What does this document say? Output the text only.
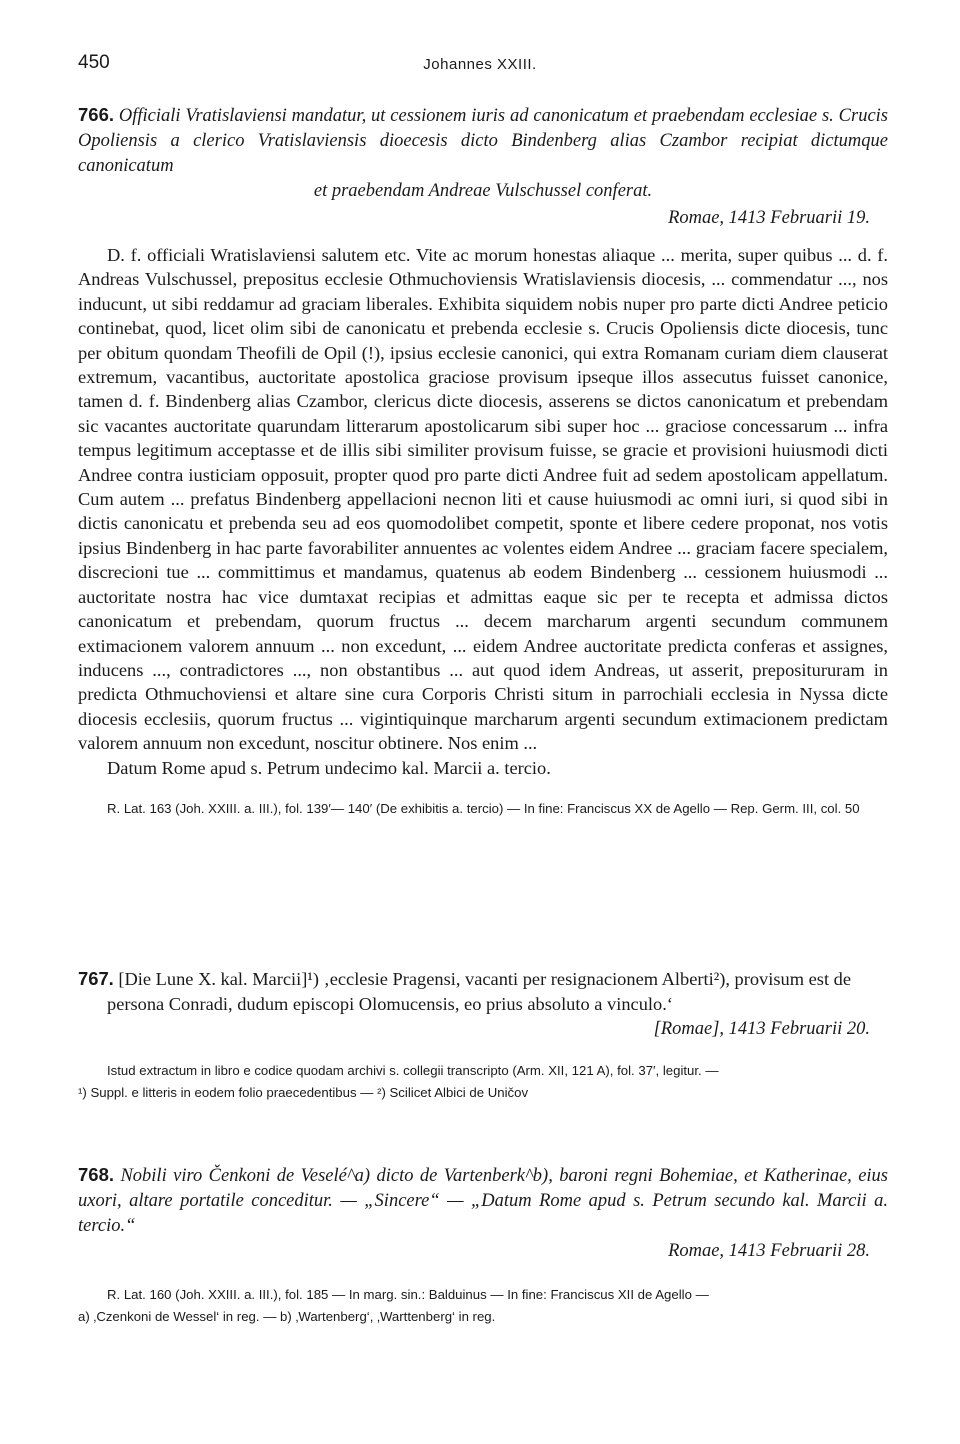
450	Johannes XXIII.
766. Officiali Vratislaviensi mandatur, ut cessionem iuris ad canonicatum et praebendam ecclesiae s. Crucis Opoliensis a clerico Vratislaviensis dioecesis dicto Bindenberg alias Czambor recipiat dictumque canonicatum
et praebendam Andreae Vulschussel conferat.
Romae, 1413 Februarii 19.

D. f. officiali Wratislaviensi salutem etc. Vite ac morum honestas aliaque ... merita, super quibus ... d. f. Andreas Vulschussel, prepositus ecclesie Othmuchoviensis Wratislaviensis diocesis, ... commendatur ..., nos inducunt, ut sibi reddamur ad graciam liberales. Exhibita siquidem nobis nuper pro parte dicti Andree peticio continebat, quod, licet olim sibi de canonicatu et prebenda ecclesie s. Crucis Opoliensis dicte diocesis, tunc per obitum quondam Theofili de Opil (!), ipsius ecclesie canonici, qui extra Romanam curiam diem clauserat extremum, vacantibus, auctoritate apostolica graciose provisum ipseque illos assecutus fuisset canonice, tamen d. f. Bindenberg alias Czambor, clericus dicte diocesis, asserens se dictos canonicatum et prebendam sic vacantes auctoritate quarundam litterarum apostolicarum sibi super hoc ... graciose concessarum ... infra tempus legitimum acceptasse et de illis sibi similiter provisum fuisse, se gracie et provisioni huiusmodi dicti Andree contra iusticiam opposuit, propter quod pro parte dicti Andree fuit ad sedem apostolicam appellatum. Cum autem ... prefatus Bindenberg appellacioni necnon liti et cause huiusmodi ac omni iuri, si quod sibi in dictis canonicatu et prebenda seu ad eos quomodolibet competit, sponte et libere cedere proponat, nos votis ipsius Bindenberg in hac parte favorabiliter annuentes ac volentes eidem Andree ... graciam facere specialem, discrecioni tue ... committimus et mandamus, quatenus ab eodem Bindenberg ... cessionem huiusmodi ... auctoritate nostra hac vice dumtaxat recipias et admittas eaque sic per te recepta et admissa dictos canonicatum et prebendam, quorum fructus ... decem marcharum argenti secundum communem extimacionem valorem annuum ... non excedunt, ... eidem Andree auctoritate predicta conferas et assignes, inducens ..., contradictores ..., non obstantibus ... aut quod idem Andreas, ut asserit, prepositururam in predicta Othmuchoviensi et altare sine cura Corporis Christi situm in parrochiali ecclesia in Nyssa dicte diocesis ecclesiis, quorum fructus ... vigintiquinque marcharum argenti secundum extimacionem predictam valorem annuum non excedunt, noscitur obtinere. Nos enim ...

Datum Rome apud s. Petrum undecimo kal. Marcii a. tercio.

R. Lat. 163 (Joh. XXIII. a. III.), fol. 139′— 140′ (De exhibitis a. tercio) — In fine: Franciscus XX de Agello — Rep. Germ. III, col. 50

767. [Die Lune X. kal. Marcii]¹) ‚ecclesie Pragensi, vacanti per resignacionem Alberti²), provisum est de persona Conradi, dudum episcopi Olomucensis, eo prius absoluto a vinculo.‘
[Romae], 1413 Februarii 20.

Istud extractum in libro e codice quodam archivi s. collegii transcripto (Arm. XII, 121 A), fol. 37′, legitur. —

¹) Suppl. e litteris in eodem folio praecedentibus — ²) Scilicet Albici de Uničov

768. Nobili viro Čenkoni de Veselé^a) dicto de Vartenberk^b), baroni regni Bohemiae, et Katherinae, eius uxori, altare portatile conceditur. — „Sincere“ — „Datum Rome apud s. Petrum secundo kal. Marcii a. tercio.“
Romae, 1413 Februarii 28.

R. Lat. 160 (Joh. XXIII. a. III.), fol. 185 — In marg. sin.: Balduinus — In fine: Franciscus XII de Agello —

a) ‚Czenkoni de Wessel‘ in reg. — b) ‚Wartenberg‘, ‚Warttenberg‘ in reg.
